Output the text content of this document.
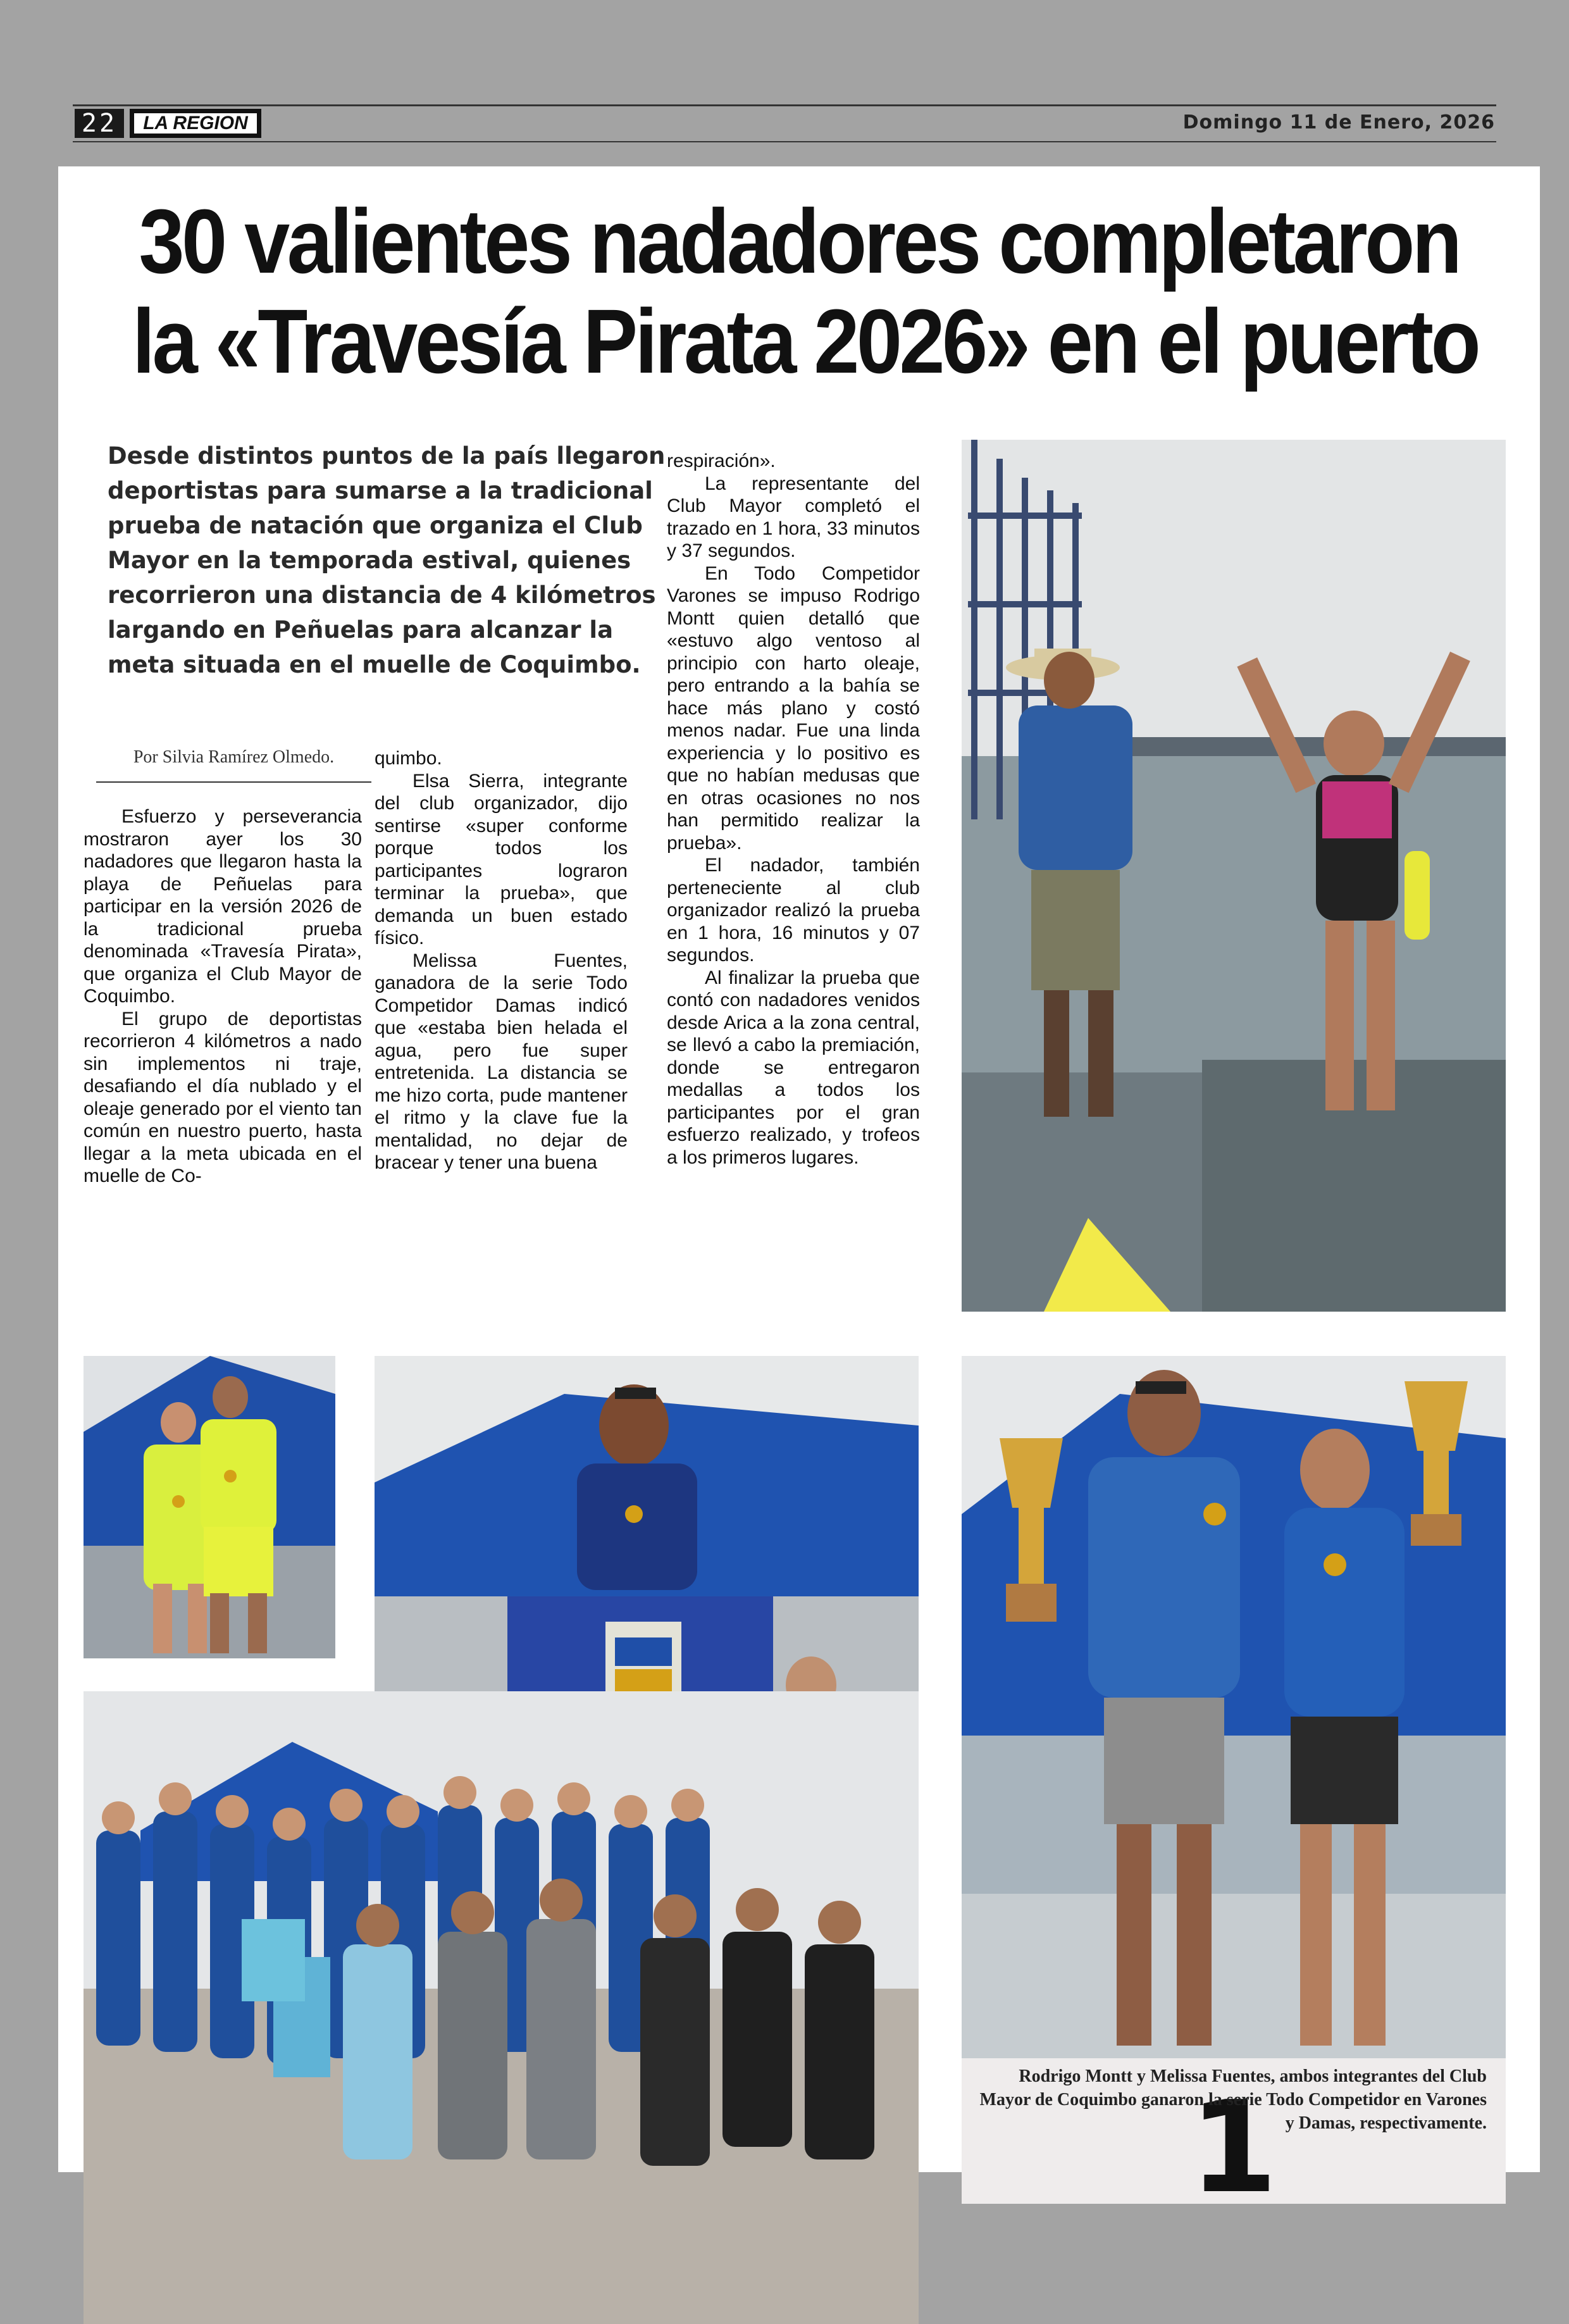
22	LA REGION	Domingo 11 de Enero, 2026
30 valientes nadadores completaron
la «Travesía Pirata 2026» en el puerto
Desde distintos puntos de la país llegaron deportistas para sumarse a la tradicional prueba de natación que organiza el Club Mayor en la temporada estival, quienes recorrieron una distancia de 4 kilómetros largando en Peñuelas para alcanzar la meta situada en el muelle de Coquimbo.
Por Silvia Ramírez Olmedo.

Esfuerzo y perseverancia mostraron ayer los 30 nadadores que llegaron hasta la playa de Peñuelas para participar en la versión 2026 de la tradicional prueba denominada «Travesía Pirata», que organiza el Club Mayor de Coquimbo.

El grupo de deportistas recorrieron 4 kilómetros a nado sin implementos ni traje, desafiando el día nublado y el oleaje generado por el viento tan común en nuestro puerto, hasta llegar a la meta ubicada en el muelle de Co-

quimbo.

Elsa Sierra, integrante del club organizador, dijo sentirse «super conforme porque todos los participantes lograron terminar la prueba», que demanda un buen estado físico.

Melissa Fuentes, ganadora de la serie Todo Competidor Damas indicó que «estaba bien helada el agua, pero fue super entretenida. La distancia se me hizo corta, pude mantener el ritmo y la clave fue la mentalidad, no dejar de bracear y tener una buena

respiración».

La representante del Club Mayor completó el trazado en 1 hora, 33 minutos y 37 segundos.

En Todo Competidor Varones se impuso Rodrigo Montt quien detalló que «estuvo algo ventoso al principio con harto oleaje, pero entrando a la bahía se hace más plano y costó menos nadar. Fue una linda experiencia y lo positivo es que no habían medusas que en otras ocasiones no nos han permitido realizar la prueba».

El nadador, también perteneciente al club organizador realizó la prueba en 1 hora, 16 minutos y 07 segundos.

Al finalizar la prueba que contó con nadadores venidos desde Arica a la zona central, se llevó a cabo la premiación, donde se entregaron medallas a todos los participantes por el gran esfuerzo realizado, y trofeos a los primeros lugares.

1
Rodrigo Montt y Melissa Fuentes, ambos integrantes del Club Mayor de Coquimbo ganaron la serie Todo Competidor en Varones y Damas, respectivamente.
